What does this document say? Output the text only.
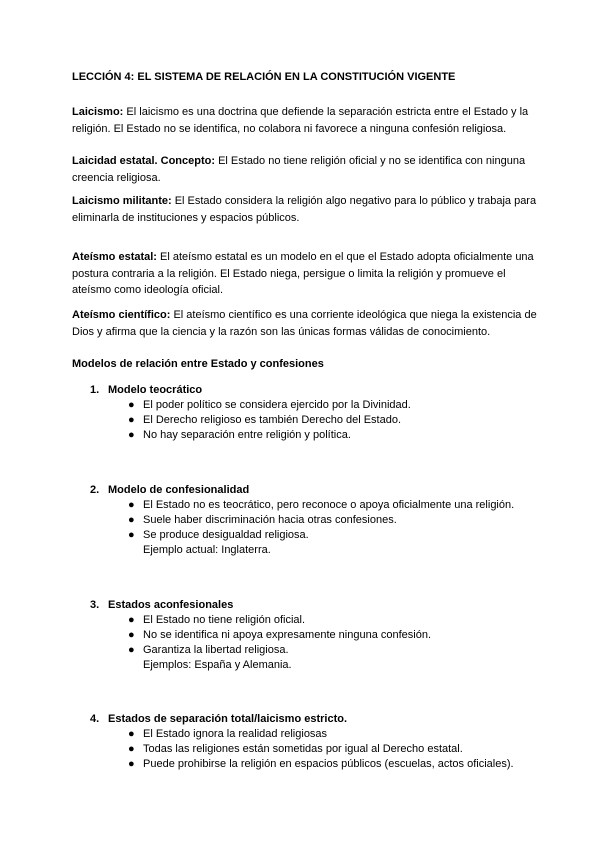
LECCIÓN 4: EL SISTEMA DE RELACIÓN EN LA CONSTITUCIÓN VIGENTE
Laicismo: El laicismo es una doctrina que defiende la separación estricta entre el Estado y la religión. El Estado no se identifica, no colabora ni favorece a ninguna confesión religiosa.
Laicidad estatal. Concepto: El Estado no tiene religión oficial y no se identifica con ninguna creencia religiosa.
Laicismo militante: El Estado considera la religión algo negativo para lo público y trabaja para eliminarla de instituciones y espacios públicos.
Ateísmo estatal: El ateísmo estatal es un modelo en el que el Estado adopta oficialmente una postura contraria a la religión. El Estado niega, persigue o limita la religión y promueve el ateísmo como ideología oficial.
Ateísmo científico: El ateísmo científico es una corriente ideológica que niega la existencia de Dios y afirma que la ciencia y la razón son las únicas formas válidas de conocimiento.
Modelos de relación entre Estado y confesiones
1. Modelo teocrático
● El poder político se considera ejercido por la Divinidad.
● El Derecho religioso es también Derecho del Estado.
● No hay separación entre religión y política.
2. Modelo de confesionalidad
● El Estado no es teocrático, pero reconoce o apoya oficialmente una religión.
● Suele haber discriminación hacia otras confesiones.
● Se produce desigualdad religiosa.
Ejemplo actual: Inglaterra.
3. Estados aconfesionales
● El Estado no tiene religión oficial.
● No se identifica ni apoya expresamente ninguna confesión.
● Garantiza la libertad religiosa.
Ejemplos: España y Alemania.
4. Estados de separación total/laicismo estricto.
● El Estado ignora la realidad religiosas
● Todas las religiones están sometidas por igual al Derecho estatal.
● Puede prohibirse la religión en espacios públicos (escuelas, actos oficiales).
